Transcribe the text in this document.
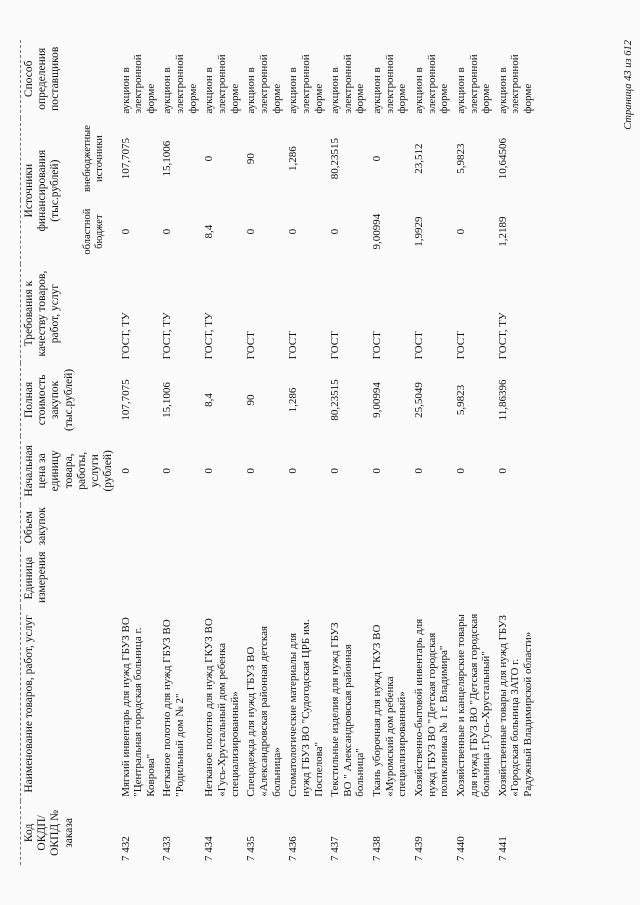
Код ОКДП/ ОКПД № заказа	Наименование товаров, работ, услуг	Единица измерения	Объем закупок	Начальная цена за единицу товара, работы, услуги (рублей)	Полная стоимость закупок (тыс.рублей)	Требования к качеству товаров, работ, услуг	Источники финансирования (тыс.рублей)		Способ определения поставщиков
							областной бюджет	внебюджетные источники	
7 432	Мягкий инвентарь для нужд ГБУЗ ВО "Центральная городская больница г. Коврова"			0	107,7075	ГОСТ, ТУ	0	107,7075	аукцион в электронной форме
7 433	Нетканое полотно для нужд ГБУЗ ВО "Родильный дом № 2"			0	15,1006	ГОСТ, ТУ	0	15,1006	аукцион в электронной форме
7 434	Нетканое полотно для нужд ГКУЗ ВО «Гусь-Хрустальный дом ребенка специализированный»			0	8,4	ГОСТ, ТУ	8,4	0	аукцион в электронной форме
7 435	Спецодежда для нужд ГБУЗ ВО «Александровская районная детская больница»			0	90	ГОСТ	0	90	аукцион в электронной форме
7 436	Стоматологические материалы для нужд ГБУЗ ВО "Судогодская ЦРБ им. Поспелова"			0	1,286	ГОСТ	0	1,286	аукцион в электронной форме
7 437	Текстильные изделия для нужд ГБУЗ ВО " Александровская районная больница"			0	80,23515	ГОСТ	0	80,23515	аукцион в электронной форме
7 438	Ткань уборочная для нужд ГКУЗ ВО «Муромский дом ребенка специализированный»			0	9,00994	ГОСТ	9,00994	0	аукцион в электронной форме
7 439	Хозяйственно-бытовой инвентарь для нужд ГБУЗ ВО "Детская городская поликлиника № 1 г. Владимира"			0	25,5049	ГОСТ	1,9929	23,512	аукцион в электронной форме
7 440	Хозяйственные и канцелярские товары для нужд ГБУЗ ВО "Детская городская больница г.Гусь-Хрустальный"			0	5,9823	ГОСТ	0	5,9823	аукцион в электронной форме
7 441	Хозяйственные товары для нужд ГБУЗ «Городская больница ЗАТО г. Радужный Владимирской области»			0	11,86396	ГОСТ, ТУ	1,2189	10,64506	аукцион в электронной форме	Страница 43 из 612
